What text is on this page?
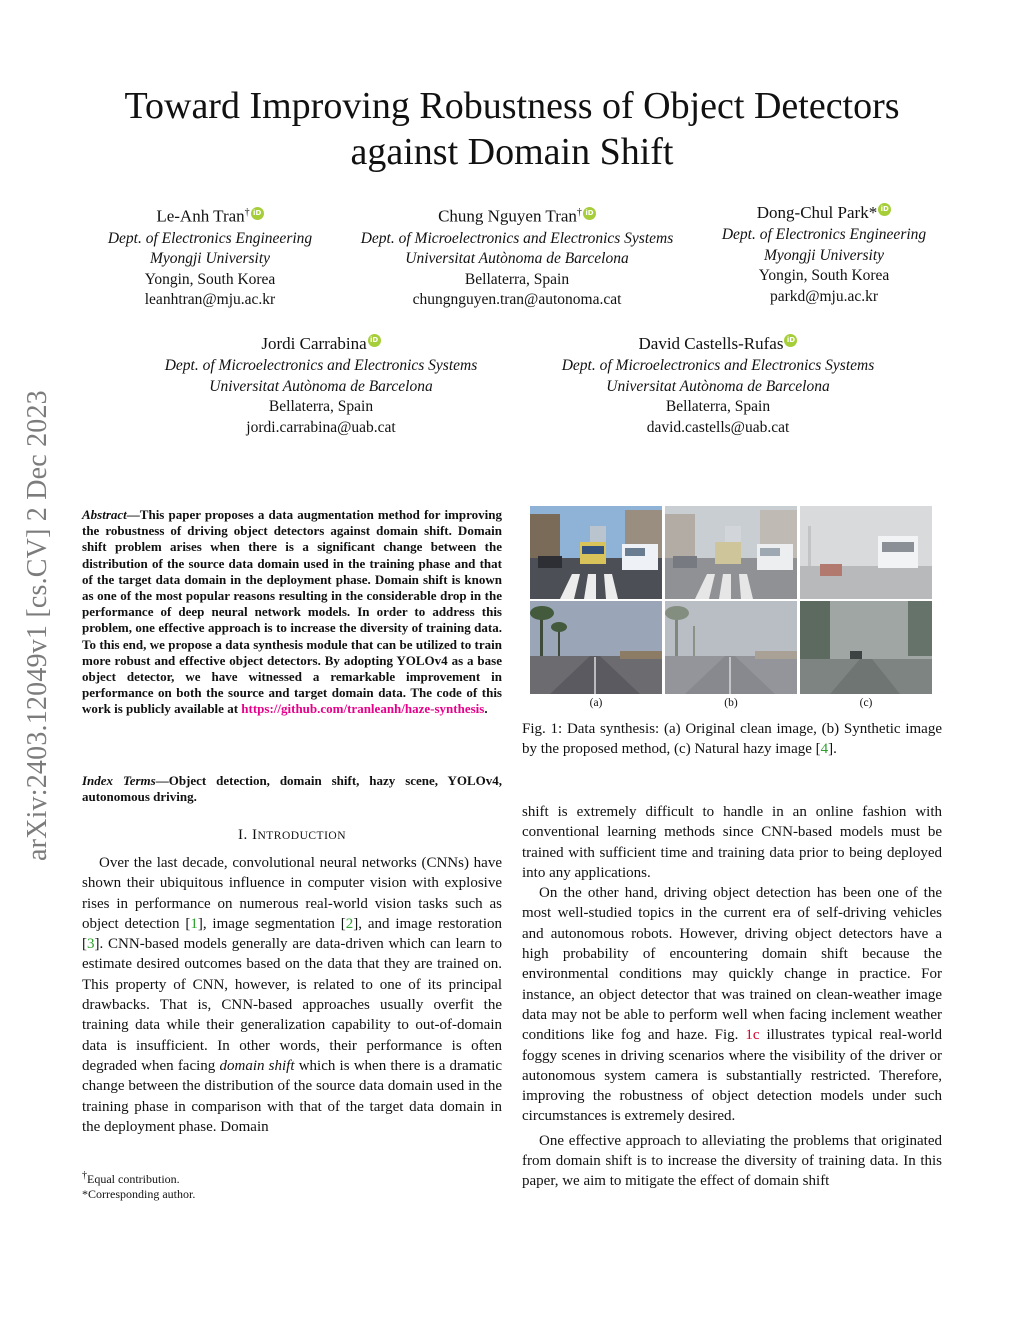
arXiv:2403.12049v1 [cs.CV] 2 Dec 2023
Toward Improving Robustness of Object Detectors
against Domain Shift
Le-Anh Tran† iD
Dept. of Electronics Engineering
Myongji University
Yongin, South Korea
leanhtran@mju.ac.kr
Chung Nguyen Tran† iD
Dept. of Microelectronics and Electronics Systems
Universitat Autònoma de Barcelona
Bellaterra, Spain
chungnguyen.tran@autonoma.cat
Dong-Chul Park* iD
Dept. of Electronics Engineering
Myongji University
Yongin, South Korea
parkd@mju.ac.kr
Jordi Carrabina iD
Dept. of Microelectronics and Electronics Systems
Universitat Autònoma de Barcelona
Bellaterra, Spain
jordi.carrabina@uab.cat
David Castells-Rufas iD
Dept. of Microelectronics and Electronics Systems
Universitat Autònoma de Barcelona
Bellaterra, Spain
david.castells@uab.cat
Abstract—This paper proposes a data augmentation method for improving the robustness of driving object detectors against domain shift. Domain shift problem arises when there is a significant change between the distribution of the source data domain used in the training phase and that of the target data domain in the deployment phase. Domain shift is known as one of the most popular reasons resulting in the considerable drop in the performance of deep neural network models. In order to address this problem, one effective approach is to increase the diversity of training data. To this end, we propose a data synthesis module that can be utilized to train more robust and effective object detectors. By adopting YOLOv4 as a base object detector, we have witnessed a remarkable improvement in performance on both the source and target domain data. The code of this work is publicly available at https://github.com/tranleanh/haze-synthesis.
Index Terms—Object detection, domain shift, hazy scene, YOLOv4, autonomous driving.
I. INTRODUCTION

Over the last decade, convolutional neural networks (CNNs) have shown their ubiquitous influence in computer vision with explosive rises in performance on numerous real-world vision tasks such as object detection [1], image segmentation [2], and image restoration [3]. CNN-based models generally are data-driven which can learn to estimate desired outcomes based on the data that they are trained on. This property of CNN, however, is related to one of its principal drawbacks. That is, CNN-based approaches usually overfit the training data while their generalization capability to out-of-domain data is insufficient. In other words, their performance is often degraded when facing domain shift which is when there is a dramatic change between the distribution of the source data domain used in the training phase in comparison with that of the target data domain in the deployment phase. Domain

†Equal contribution.
*Corresponding author.
(a)	(b)	(c)
Fig. 1: Data synthesis: (a) Original clean image, (b) Synthetic image by the proposed method, (c) Natural hazy image [4].

shift is extremely difficult to handle in an online fashion with conventional learning methods since CNN-based models must be trained with sufficient time and training data prior to being deployed into any applications.

On the other hand, driving object detection has been one of the most well-studied topics in the current era of self-driving vehicles and autonomous robots. However, driving object detectors have a high probability of encountering domain shift because the environmental conditions may quickly change in practice. For instance, an object detector that was trained on clean-weather image data may not be able to perform well when facing inclement weather conditions like fog and haze. Fig. 1c illustrates typical real-world foggy scenes in driving scenarios where the visibility of the driver or autonomous system camera is substantially restricted. Therefore, improving the robustness of object detection models under such circumstances is extremely desired.

One effective approach to alleviating the problems that originated from domain shift is to increase the diversity of training data. In this paper, we aim to mitigate the effect of domain shift
